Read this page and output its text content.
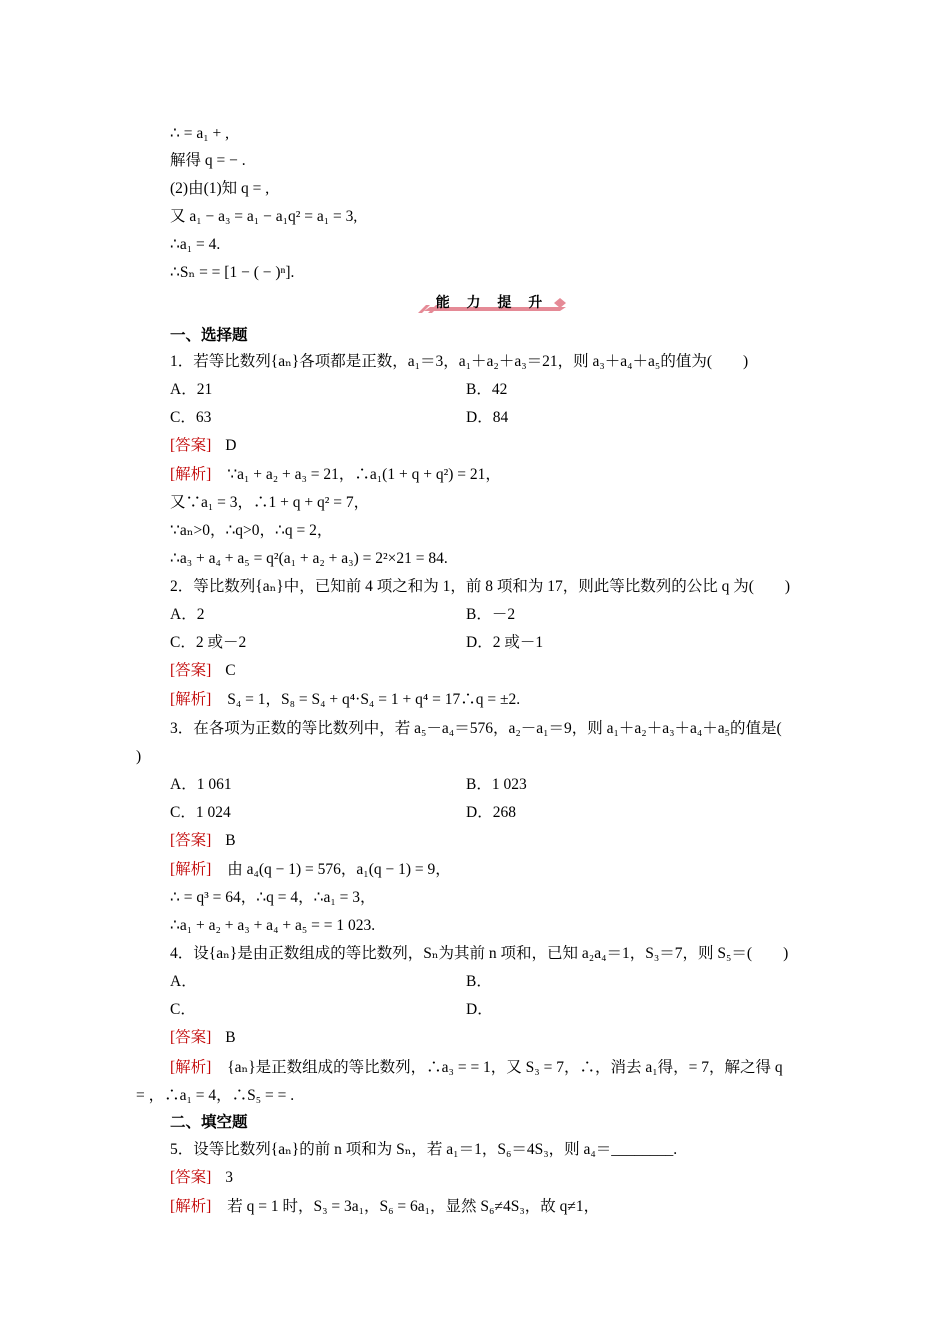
∴ = a₁ + ,
解得 q = − .
(2)由(1)知 q = ,
又 a₁ − a₃ = a₁ − a₁q² = a₁ = 3,
∴a₁ = 4.
∴Sₙ = = [1 − ( − )ⁿ].
能 力 提 升
一、选择题
1．若等比数列{aₙ}各项都是正数，a₁＝3，a₁＋a₂＋a₃＝21，则 a₃＋a₄＋a₅的值为(　　)
A．21	B．42
C．63	D．84
[答案] D
[解析] ∵a₁ + a₂ + a₃ = 21，∴a₁(1 + q + q²) = 21，
又∵a₁ = 3，∴1 + q + q² = 7，
∵aₙ>0，∴q>0，∴q = 2，
∴a₃ + a₄ + a₅ = q²(a₁ + a₂ + a₃) = 2²×21 = 84.
2．等比数列{aₙ}中，已知前 4 项之和为 1，前 8 项和为 17，则此等比数列的公比 q 为(　　)
A．2	B．－2
C．2 或－2	D．2 或－1
[答案] C
[解析] S₄ = 1，S₈ = S₄ + q⁴·S₄ = 1 + q⁴ = 17∴q = ±2.
3．在各项为正数的等比数列中，若 a₅－a₄＝576，a₂－a₁＝9，则 a₁＋a₂＋a₃＋a₄＋a₅的值是(
)
A．1 061	B．1 023
C．1 024	D．268
[答案] B
[解析] 由 a₄(q − 1) = 576，a₁(q − 1) = 9，
∴ = q³ = 64，∴q = 4，∴a₁ = 3，
∴a₁ + a₂ + a₃ + a₄ + a₅ = = 1 023.
4．设{aₙ}是由正数组成的等比数列，Sₙ为其前 n 项和，已知 a₂a₄＝1，S₃＝7，则 S₅＝(　　)
A．	B．
C．	D．
[答案] B
[解析] {aₙ}是正数组成的等比数列，∴a₃ = = 1，又 S₃ = 7，∴，消去 a₁得，= 7，解之得 q
= ，∴a₁ = 4，∴S₅ = = .
二、填空题
5．设等比数列{aₙ}的前 n 项和为 Sₙ，若 a₁＝1，S₆＝4S₃，则 a₄＝________.
[答案] 3
[解析] 若 q = 1 时，S₃ = 3a₁，S₆ = 6a₁，显然 S₆≠4S₃，故 q≠1，
